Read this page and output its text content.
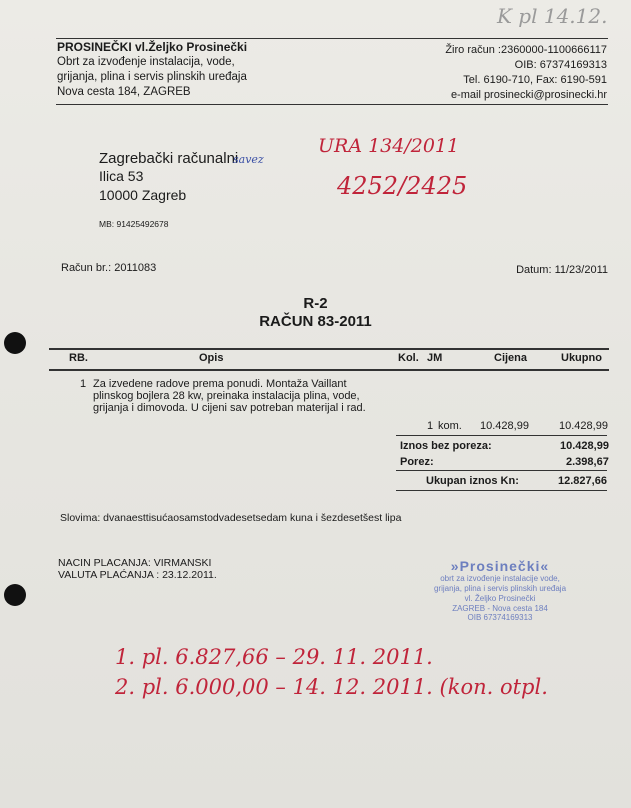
K pl 14.12.
PROSINEČKI vl.Željko Prosinečki
Obrt za izvođenje instalacija, vode,
grijanja, plina i servis plinskih uređaja
Nova cesta 184, ZAGREB
Žiro račun :2360000-1100666117
OIB: 67374169313
Tel. 6190-710, Fax: 6190-591
e-mail prosinecki@prosinecki.hr
Zagrebački računalni
savez
Ilica 53
10000 Zagreb
MB: 91425492678
URA 134/2011
4252/2425
Račun br.: 2011083	Datum: 11/23/2011
R-2
RAČUN 83-2011
RB.	Opis	Kol. JM	Cijena	Ukupno
1 Za izvedene radove prema ponudi. Montaža Vaillant
plinskog bojlera 28 kw, preinaka instalacija plina, vode,
grijanja i dimovoda. U cijeni sav potreban materijal i rad.
1 kom. 10.428,99	10.428,99
Iznos bez poreza:	10.428,99
Porez:	2.398,67
Ukupan iznos Kn:	12.827,66
Slovima: dvanaesttisućaosamstodvadesetsedam kuna i šezdesetšest lipa
NACIN PLACANJA: VIRMANSKI
VALUTA PLAĆANJA : 23.12.2011.
»Prosinečki«
obrt za izvođenje instalacije vode,
grijanja, plina i servis plinskih uređaja
vl. Željko Prosinečki
ZAGREB - Nova cesta 184
OIB 67374169313
1. pl. 6.827,66 – 29. 11. 2011.
2. pl. 6.000,00 – 14. 12. 2011. (kon. otpl.
